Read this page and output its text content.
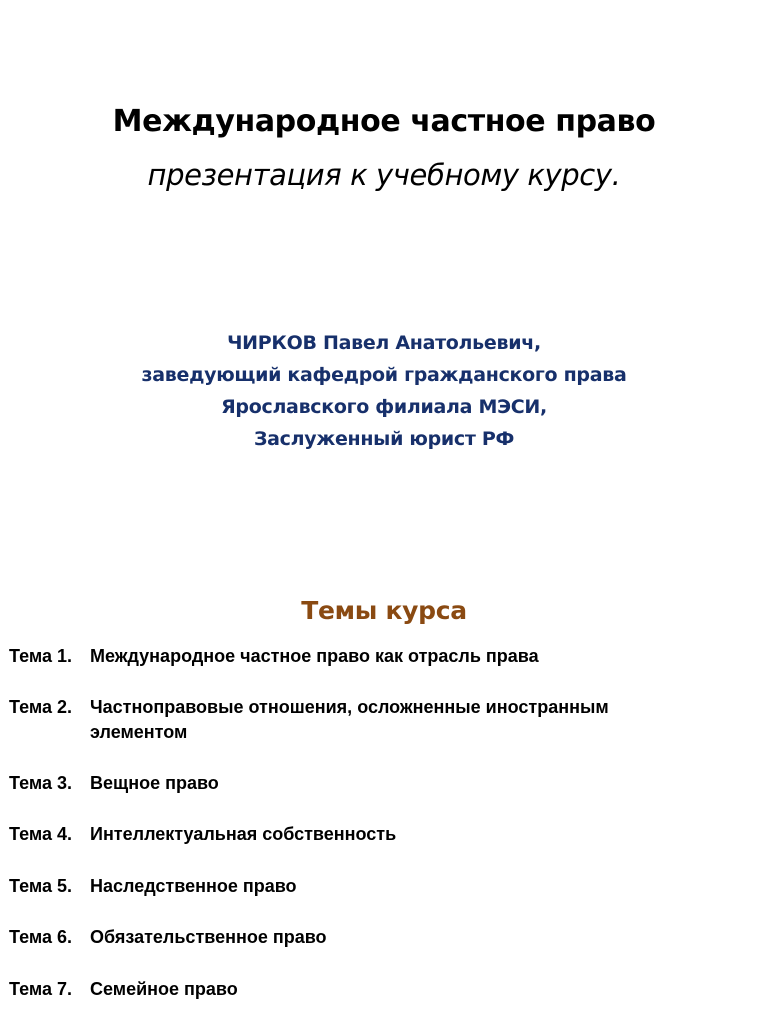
Международное частное право
презентация к учебному курсу.
ЧИРКОВ Павел Анатольевич,
заведующий кафедрой гражданского права
Ярославского филиала МЭСИ,
Заслуженный юрист РФ
Темы курса
Тема 1.	Международное частное право как отрасль права
Тема 2.	Частноправовые отношения, осложненные иностранным элементом
Тема 3.	Вещное право
Тема 4.	Интеллектуальная собственность
Тема 5.	Наследственное право
Тема 6.	Обязательственное право
Тема 7.	Семейное право
